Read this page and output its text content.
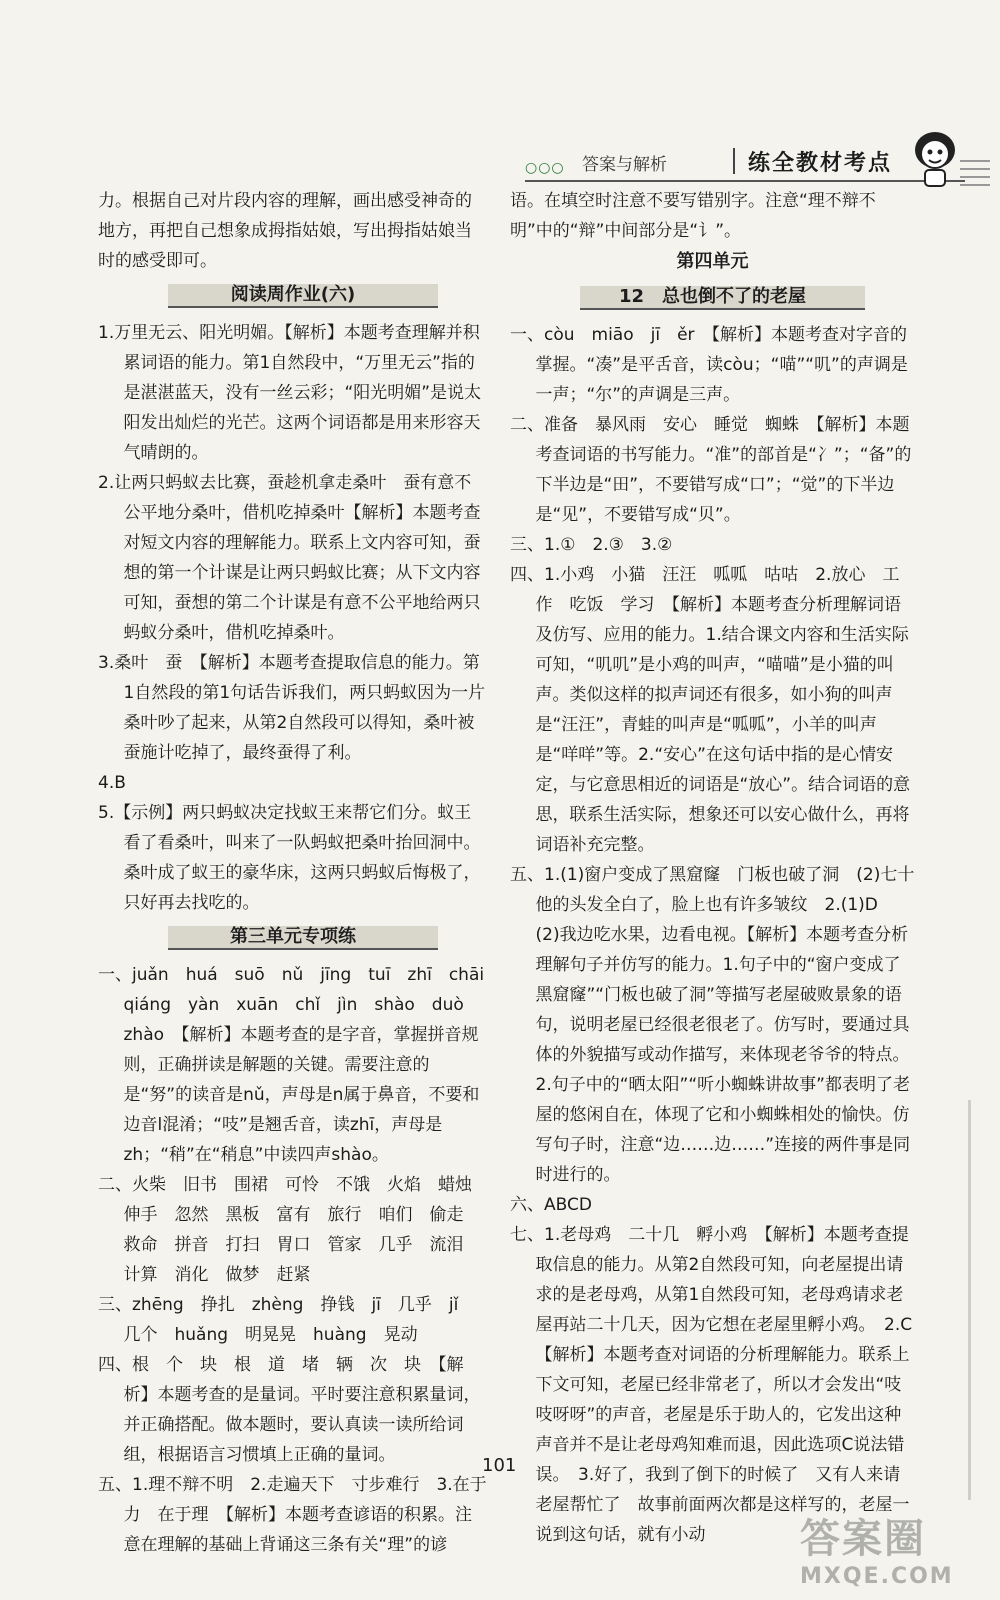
○○○ 答案与解析	练全教材考点

力。根据自己对片段内容的理解，画出感受神奇的地方，再把自己想象成拇指姑娘，写出拇指姑娘当时的感受即可。

阅读周作业(六)

1.万里无云、阳光明媚。【解析】本题考查理解并积累词语的能力。第1自然段中，“万里无云”指的是湛湛蓝天，没有一丝云彩；“阳光明媚”是说太阳发出灿烂的光芒。这两个词语都是用来形容天气晴朗的。

2.让两只蚂蚁去比赛，蚕趁机拿走桑叶　蚕有意不公平地分桑叶，借机吃掉桑叶【解析】本题考查对短文内容的理解能力。联系上文内容可知，蚕想的第一个计谋是让两只蚂蚁比赛；从下文内容可知，蚕想的第二个计谋是有意不公平地给两只蚂蚁分桑叶，借机吃掉桑叶。

3.桑叶　蚕　【解析】本题考查提取信息的能力。第1自然段的第1句话告诉我们，两只蚂蚁因为一片桑叶吵了起来，从第2自然段可以得知，桑叶被蚕施计吃掉了，最终蚕得了利。

4.B

5.【示例】两只蚂蚁决定找蚁王来帮它们分。蚁王看了看桑叶，叫来了一队蚂蚁把桑叶抬回洞中。桑叶成了蚁王的豪华床，这两只蚂蚁后悔极了，只好再去找吃的。

第三单元专项练

一、juǎn　huá　suō　nǔ　jīng　tuī　zhī　chāi　qiáng　yàn　xuān　chǐ　jìn　shào　duò　zhào　【解析】本题考查的是字音，掌握拼音规则，正确拼读是解题的关键。需要注意的是“努”的读音是nǔ，声母是n属于鼻音，不要和边音l混淆；“吱”是翘舌音，读zhī，声母是zh；“稍”在“稍息”中读四声shào。

二、火柴　旧书　围裙　可怜　不饿　火焰　蜡烛　伸手　忽然　黑板　富有　旅行　咱们　偷走　救命　拼音　打扫　胃口　管家　几乎　流泪　计算　消化　做梦　赶紧

三、zhēng　挣扎　zhèng　挣钱　jī　几乎　jǐ　几个　huǎng　明晃晃　huàng　晃动

四、根　个　块　根　道　堵　辆　次　块　【解析】本题考查的是量词。平时要注意积累量词，并正确搭配。做本题时，要认真读一读所给词组，根据语言习惯填上正确的量词。

五、1.理不辩不明　2.走遍天下　寸步难行　3.在于力　在于理　【解析】本题考查谚语的积累。注意在理解的基础上背诵这三条有关“理”的谚

语。在填空时注意不要写错别字。注意“理不辩不明”中的“辩”中间部分是“讠”。

第四单元
12　总也倒不了的老屋

一、còu　miāo　jī　ěr　【解析】本题考查对字音的掌握。“凑”是平舌音，读còu；“喵”“叽”的声调是一声；“尔”的声调是三声。

二、准备　暴风雨　安心　睡觉　蜘蛛　【解析】本题考查词语的书写能力。“准”的部首是“冫”；“备”的下半边是“田”，不要错写成“口”；“觉”的下半边是“见”，不要错写成“贝”。

三、1.①　2.③　3.②

四、1.小鸡　小猫　汪汪　呱呱　咕咕　2.放心　工作　吃饭　学习　【解析】本题考查分析理解词语及仿写、应用的能力。1.结合课文内容和生活实际可知，“叽叽”是小鸡的叫声，“喵喵”是小猫的叫声。类似这样的拟声词还有很多，如小狗的叫声是“汪汪”，青蛙的叫声是“呱呱”，小羊的叫声是“咩咩”等。2.“安心”在这句话中指的是心情安定，与它意思相近的词语是“放心”。结合词语的意思，联系生活实际，想象还可以安心做什么，再将词语补充完整。

五、1.(1)窗户变成了黑窟窿　门板也破了洞　(2)七十　他的头发全白了，脸上也有许多皱纹　2.(1)D　(2)我边吃水果，边看电视。【解析】本题考查分析理解句子并仿写的能力。1.句子中的“窗户变成了黑窟窿”“门板也破了洞”等描写老屋破败景象的语句，说明老屋已经很老很老了。仿写时，要通过具体的外貌描写或动作描写，来体现老爷爷的特点。2.句子中的“晒太阳”“听小蜘蛛讲故事”都表明了老屋的悠闲自在，体现了它和小蜘蛛相处的愉快。仿写句子时，注意“边……边……”连接的两件事是同时进行的。

六、ABCD

七、1.老母鸡　二十几　孵小鸡　【解析】本题考查提取信息的能力。从第2自然段可知，向老屋提出请求的是老母鸡，从第1自然段可知，老母鸡请求老屋再站二十几天，因为它想在老屋里孵小鸡。　2.C　【解析】本题考查对词语的分析理解能力。联系上下文可知，老屋已经非常老了，所以才会发出“吱吱呀呀”的声音，老屋是乐于助人的，它发出这种声音并不是让老母鸡知难而退，因此选项C说法错误。　3.好了，我到了倒下的时候了　又有人来请老屋帮忙了　故事前面两次都是这样写的，老屋一说到这句话，就有小动

101
答案圈
MXQE.COM
